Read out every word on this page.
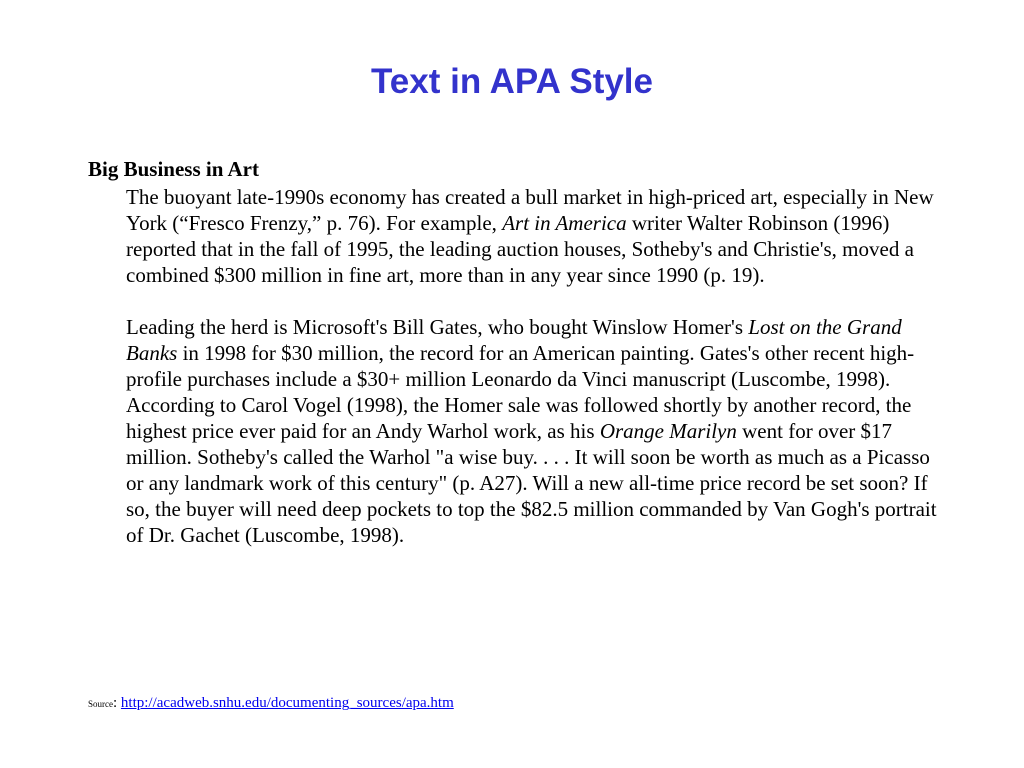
Text in APA Style

Big Business in Art

The buoyant late-1990s economy has created a bull market in high-priced art, especially in New York (“Fresco Frenzy,” p. 76). For example, Art in America writer Walter Robinson (1996) reported that in the fall of 1995, the leading auction houses, Sotheby's and Christie's, moved a combined $300 million in fine art, more than in any year since 1990 (p. 19).

Leading the herd is Microsoft's Bill Gates, who bought Winslow Homer's Lost on the Grand Banks in 1998 for $30 million, the record for an American painting. Gates's other recent high-profile purchases include a $30+ million Leonardo da Vinci manuscript (Luscombe, 1998). According to Carol Vogel (1998), the Homer sale was followed shortly by another record, the highest price ever paid for an Andy Warhol work, as his Orange Marilyn went for over $17 million. Sotheby's called the Warhol "a wise buy. . . . It will soon be worth as much as a Picasso or any landmark work of this century" (p. A27). Will a new all-time price record be set soon? If so, the buyer will need deep pockets to top the $82.5 million commanded by Van Gogh's portrait of Dr. Gachet (Luscombe, 1998).

Source: http://acadweb.snhu.edu/documenting_sources/apa.htm
